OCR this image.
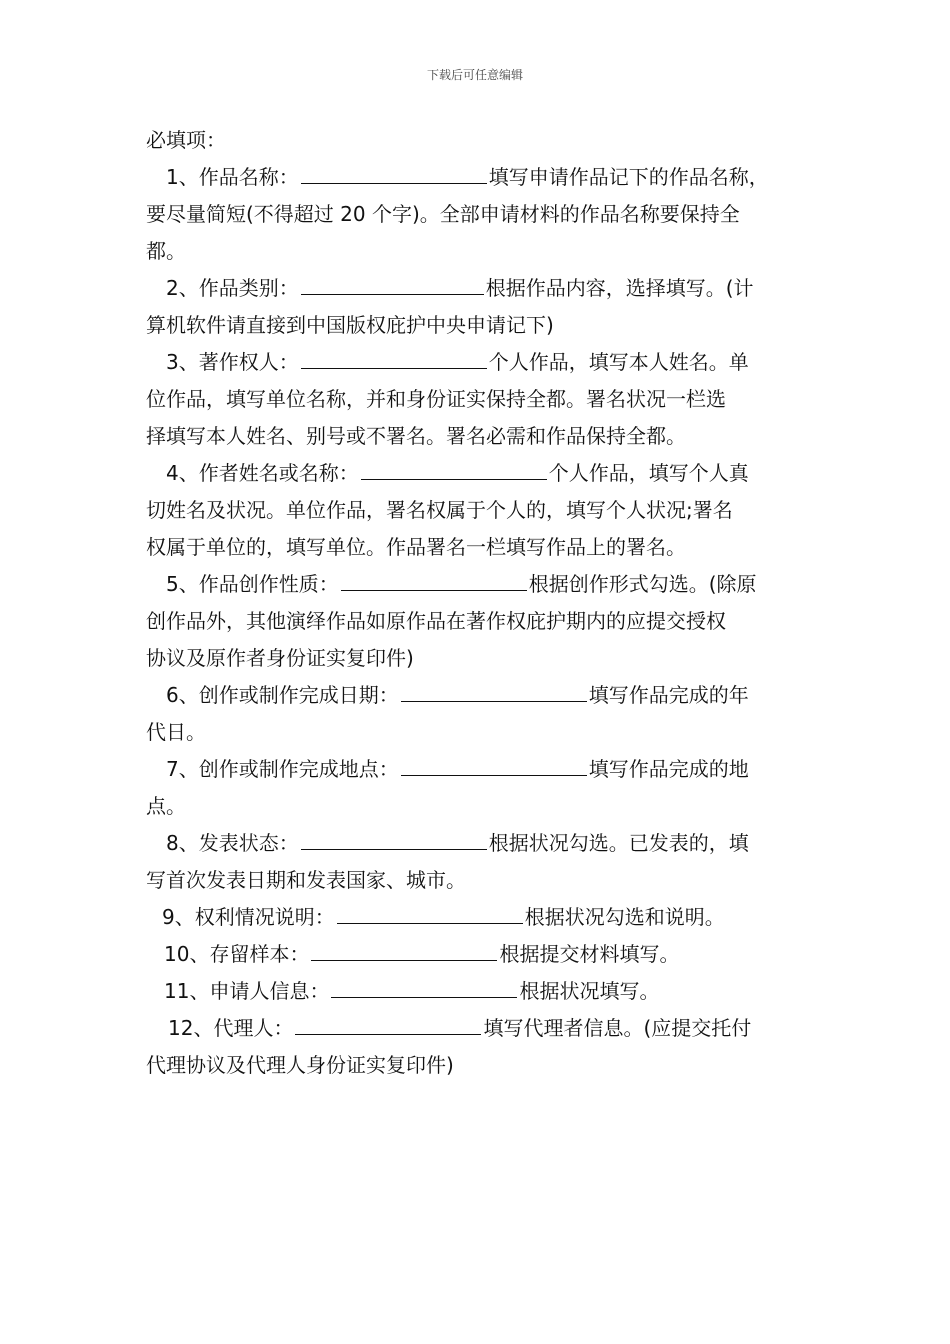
下载后可任意编辑
必填项：
1、作品名称：	填写申请作品记下的作品名称，
要尽量简短(不得超过 20 个字)。全部申请材料的作品名称要保持全
都。
2、作品类别：	根据作品内容，选择填写。(计
算机软件请直接到中国版权庇护中央申请记下)
3、著作权人：	个人作品，填写本人姓名。单
位作品，填写单位名称，并和身份证实保持全都。署名状况一栏选
择填写本人姓名、别号或不署名。署名必需和作品保持全都。
4、作者姓名或名称：	个人作品，填写个人真
切姓名及状况。单位作品，署名权属于个人的，填写个人状况;署名
权属于单位的，填写单位。作品署名一栏填写作品上的署名。
5、作品创作性质：	根据创作形式勾选。(除原
创作品外，其他演绎作品如原作品在著作权庇护期内的应提交授权
协议及原作者身份证实复印件)
6、创作或制作完成日期：	填写作品完成的年
代日。
7、创作或制作完成地点：	填写作品完成的地
点。
8、发表状态：	根据状况勾选。已发表的，填
写首次发表日期和发表国家、城市。
9、权利情况说明：	根据状况勾选和说明。
10、存留样本：	根据提交材料填写。
11、申请人信息：	根据状况填写。
12、代理人：	填写代理者信息。(应提交托付
代理协议及代理人身份证实复印件)
